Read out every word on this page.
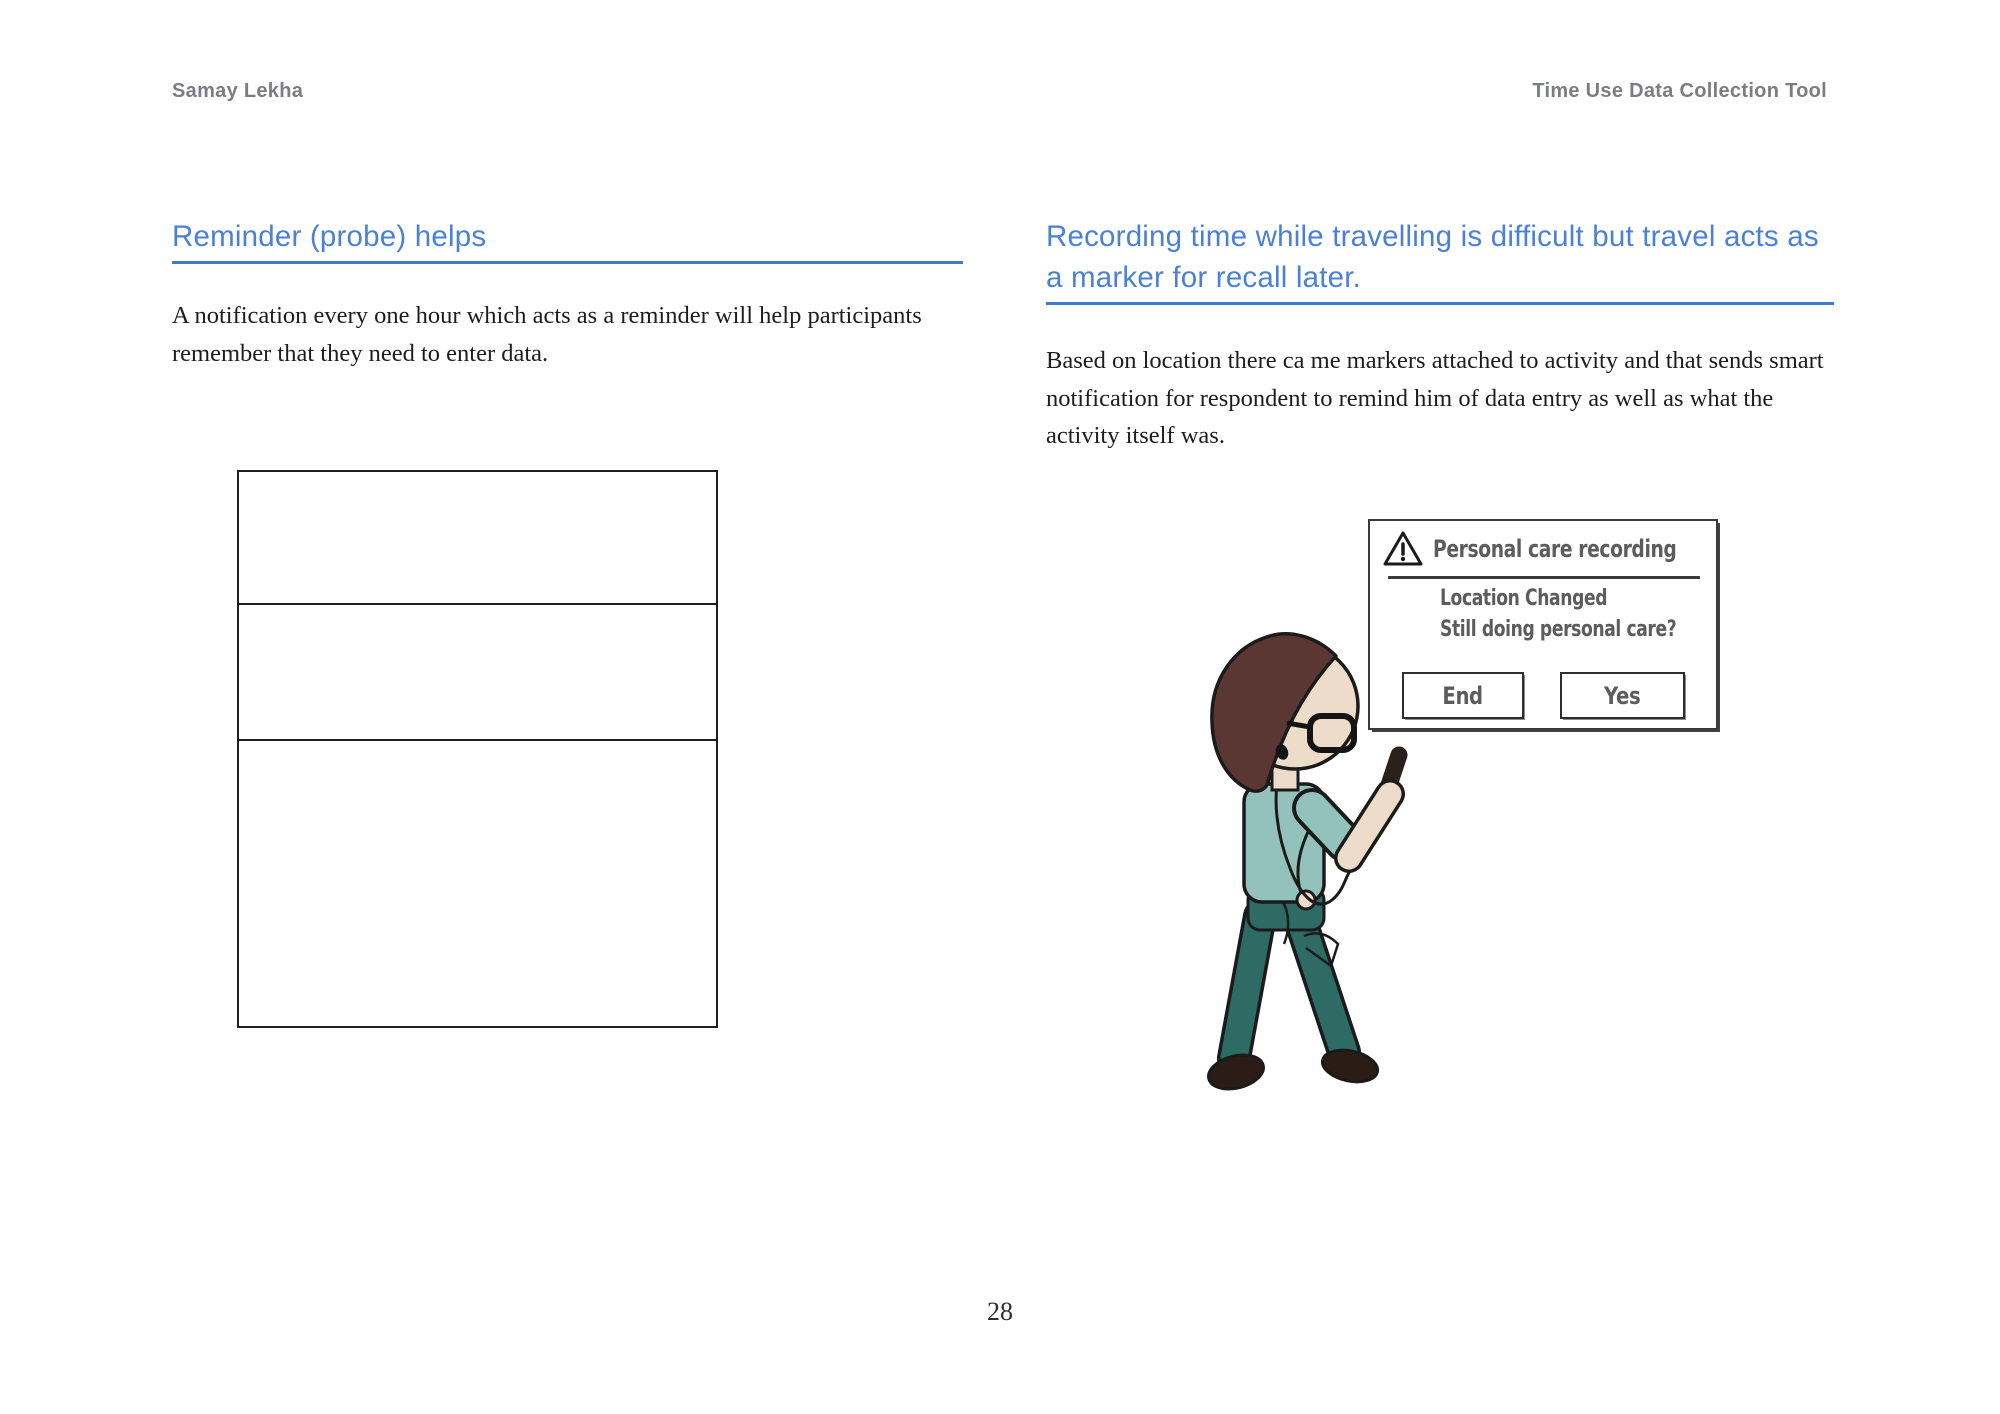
Samay Lekha	Time Use Data Collection Tool
Reminder (probe) helps
A notification every one hour which acts as a reminder will help participants remember that they need to enter data.
Recording time while travelling is difficult but travel acts as a marker for recall later.
Based on location there ca me markers attached to activity and that sends smart notification for respondent to remind him of data entry as well as what the activity itself was.
Personal care recording
Location Changed
Still doing personal care?
End	Yes
28
